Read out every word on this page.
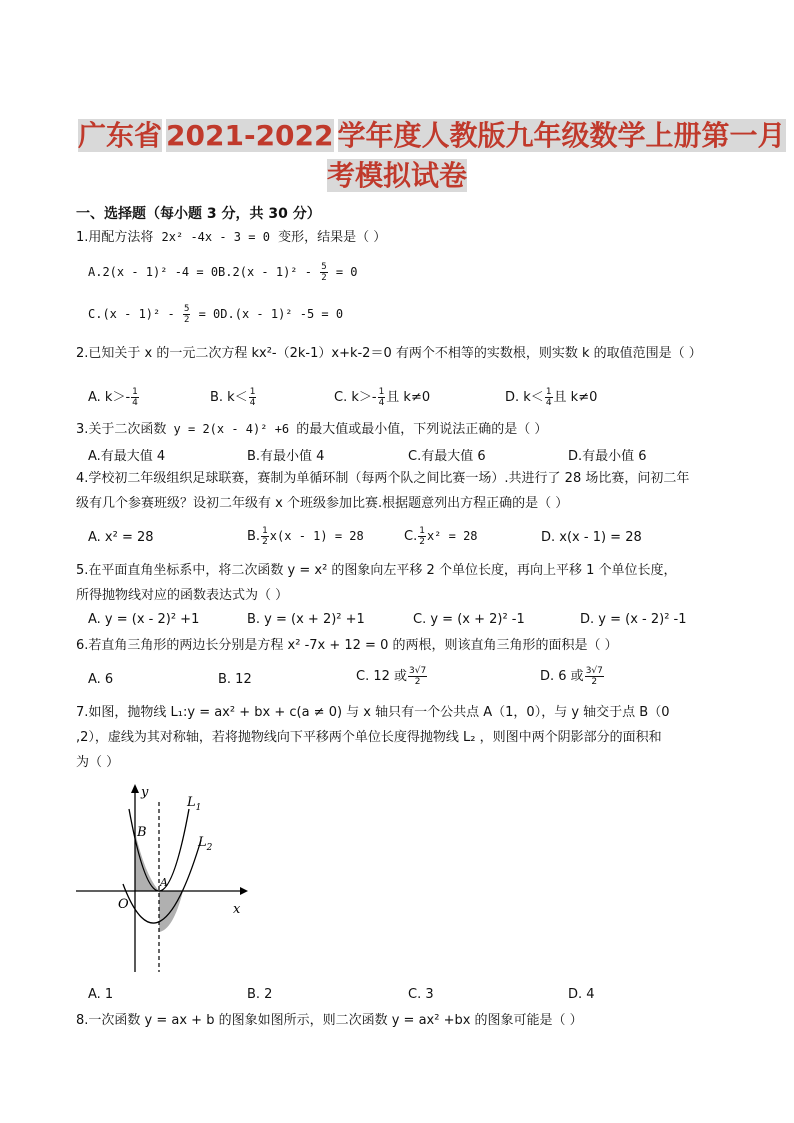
广东省 2021-2022 学年度人教版九年级数学上册第一月
考模拟试卷
一、选择题（每小题 3 分，共 30 分）
1.用配方法将 2x² -4x - 3 = 0 变形，结果是（ ）
A.2(x - 1)² $-4 = 0B.2(x - 1)^2 - \frac{5}{2} = 0$
$C.(x - 1)^2 - \frac{5}{2} = 0D.(x - 1)^2$ -5 = 0
2.已知关于 x 的一元二次方程 kx²-（2k-1）x+k-2＝0 有两个不相等的实数根，则实数 k 的取值范围是（ ）
A. $k>- \frac{1}{4}$	B. $k< \frac{1}{4}$	C. $k>- \frac{1}{4}$ 且 k≠0	D. $k< \frac{1}{4}$ 且 k≠0
3.关于二次函数 y = 2(x - 4)² +6 的最大值或最小值，下列说法正确的是（ ）
A.有最大值 4	B.有最小值 4	C.有最大值 6	D.有最小值 6
4.学校初二年级组织足球联赛，赛制为单循环制（每两个队之间比赛一场）.共进行了 28 场比赛，问初二年
级有几个参赛班级？设初二年级有 x 个班级参加比赛.根据题意列出方程正确的是（ ）
A. x² = 28	B. $\frac{1}{2} x(x - 1) = 28$	C. $\frac{1}{2} x^2 = 28$	D. x(x - 1) = 28
5.在平面直角坐标系中，将二次函数 y = x² 的图象向左平移 2 个单位长度，再向上平移 1 个单位长度，
所得抛物线对应的函数表达式为（ ）
A. y = (x - 2)² +1	B. y = (x + 2)² +1	C. y = (x + 2)² -1	D. y = (x - 2)² -1
6.若直角三角形的两边长分别是方程 x² -7x + 12 = 0 的两根，则该直角三角形的面积是（ ）
A. 6	B. 12	C. 12 或 $\frac{3√7}{2}$	D. 6 或 $\frac{3√7}{2}$
7.如图，抛物线 L₁:y = ax² + bx + c(a ≠ 0) 与 x 轴只有一个公共点 A（1，0），与 y 轴交于点 B（0
,2），虚线为其对称轴，若将抛物线向下平移两个单位长度得抛物线 L₂ ，则图中两个阴影部分的面积和
为（ ）
y
x
O
A
B
$L_1$
$L_2$
A. 1	B. 2	C. 3	D. 4
8.一次函数 y = ax + b 的图象如图所示，则二次函数 y = ax² +bx 的图象可能是（ ）
